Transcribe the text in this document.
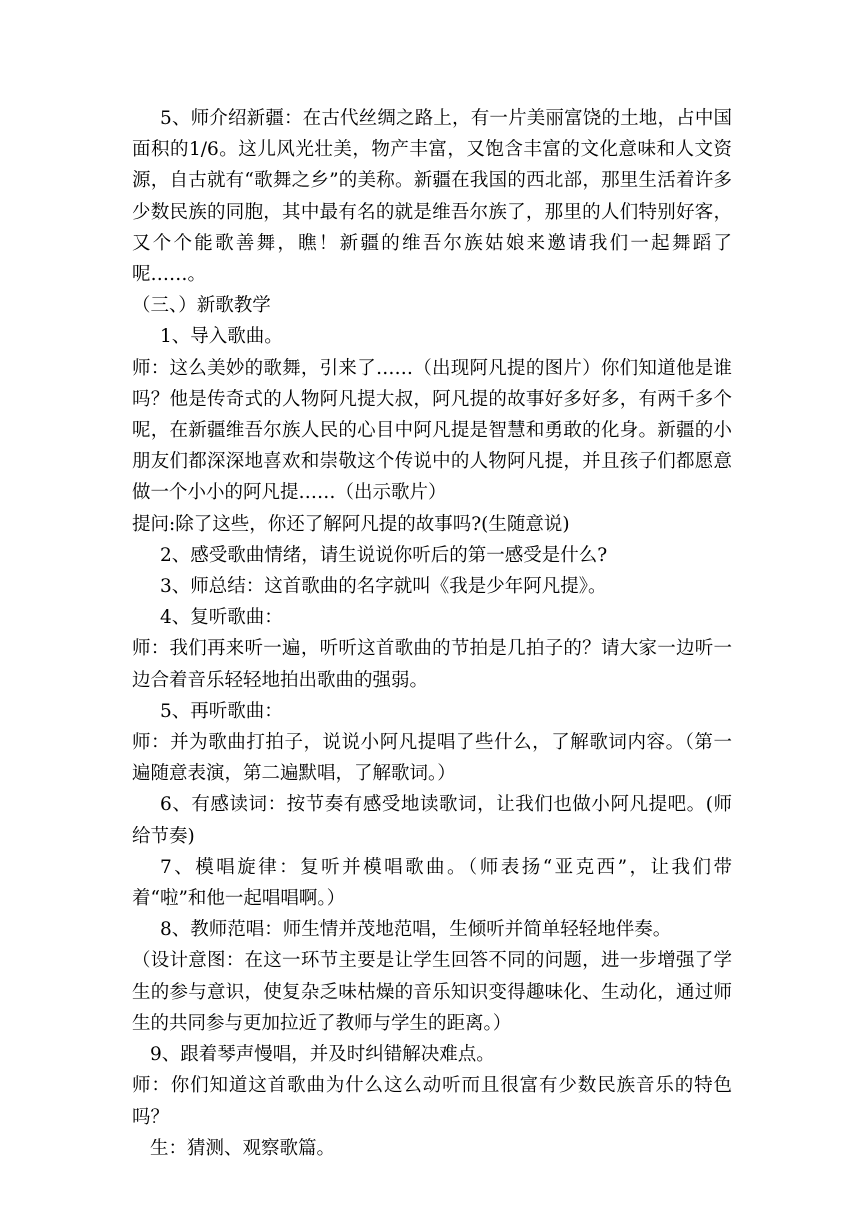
5、师介绍新疆：在古代丝绸之路上，有一片美丽富饶的土地，占中国面积的1/6。这儿风光壮美，物产丰富，又饱含丰富的文化意味和人文资源，自古就有“歌舞之乡”的美称。新疆在我国的西北部，那里生活着许多少数民族的同胞，其中最有名的就是维吾尔族了，那里的人们特别好客，又个个能歌善舞，瞧！新疆的维吾尔族姑娘来邀请我们一起舞蹈了呢……。

（三、）新歌教学

1、导入歌曲。

师：这么美妙的歌舞，引来了……（出现阿凡提的图片）你们知道他是谁吗？他是传奇式的人物阿凡提大叔，阿凡提的故事好多好多，有两千多个呢，在新疆维吾尔族人民的心目中阿凡提是智慧和勇敢的化身。新疆的小朋友们都深深地喜欢和崇敬这个传说中的人物阿凡提，并且孩子们都愿意做一个小小的阿凡提……（出示歌片）

提问:除了这些，你还了解阿凡提的故事吗?(生随意说)

2、感受歌曲情绪，请生说说你听后的第一感受是什么?

3、师总结：这首歌曲的名字就叫《我是少年阿凡提》。

4、复听歌曲：

师：我们再来听一遍，听听这首歌曲的节拍是几拍子的？请大家一边听一边合着音乐轻轻地拍出歌曲的强弱。

5、再听歌曲：

师：并为歌曲打拍子，说说小阿凡提唱了些什么，了解歌词内容。（第一遍随意表演，第二遍默唱，了解歌词。）

6、有感读词：按节奏有感受地读歌词，让我们也做小阿凡提吧。(师给节奏)

7、模唱旋律：复听并模唱歌曲。（师表扬“亚克西”，让我们带着“啦”和他一起唱唱啊。）

8、教师范唱：师生情并茂地范唱，生倾听并简单轻轻地伴奏。

（设计意图：在这一环节主要是让学生回答不同的问题，进一步增强了学生的参与意识，使复杂乏味枯燥的音乐知识变得趣味化、生动化，通过师生的共同参与更加拉近了教师与学生的距离。）

9、跟着琴声慢唱，并及时纠错解决难点。

师：你们知道这首歌曲为什么这么动听而且很富有少数民族音乐的特色吗？

生：猜测、观察歌篇。
